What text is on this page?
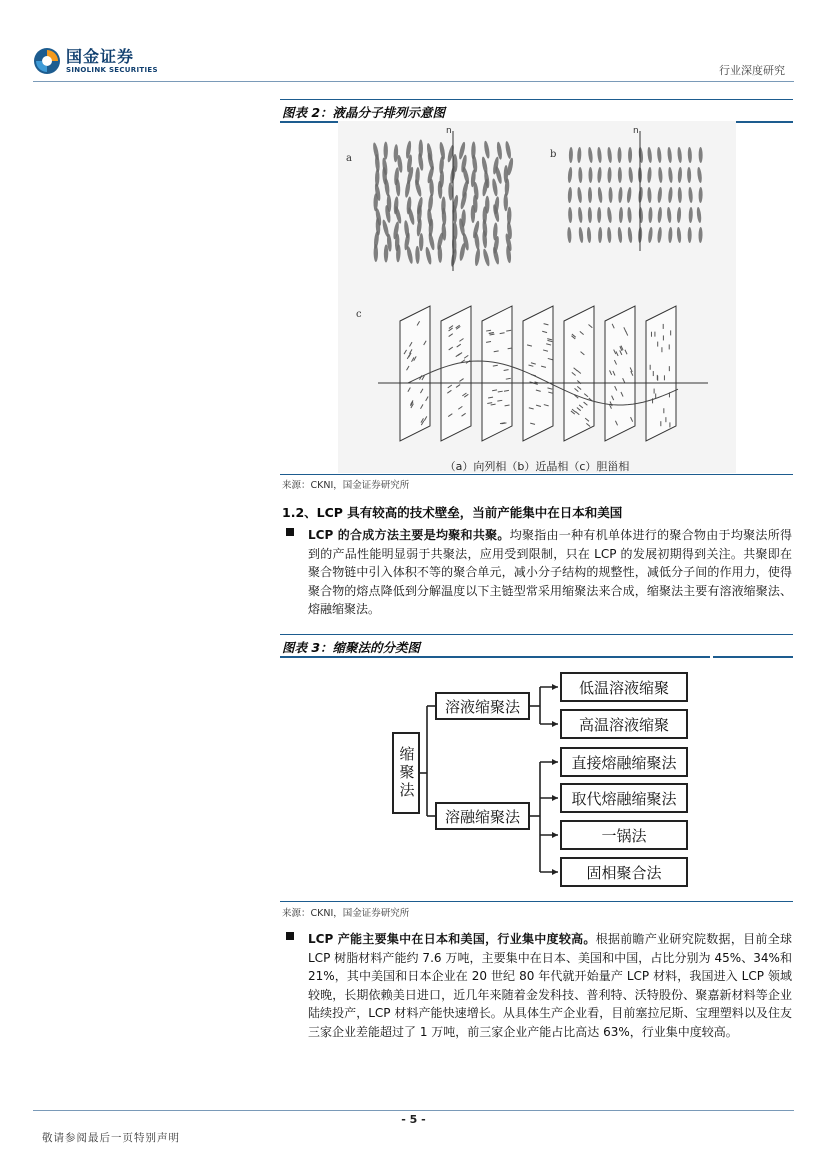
国金证券
SINOLINK SECURITIES	行业深度研究
图表 2：液晶分子排列示意图
a	b
c
n	n
（a）向列相（b）近晶相（c）胆甾相
来源：CKNI，国金证券研究所
1.2、LCP 具有较高的技术壁垒，当前产能集中在日本和美国
LCP 的合成方法主要是均聚和共聚。均聚指由一种有机单体进行的聚合物由于均聚法所得到的产品性能明显弱于共聚法，应用受到限制，只在 LCP 的发展初期得到关注。共聚即在聚合物链中引入体积不等的聚合单元，减小分子结构的规整性，减低分子间的作用力，使得聚合物的熔点降低到分解温度以下主链型常采用缩聚法来合成，缩聚法主要有溶液缩聚法、熔融缩聚法。
图表 3：缩聚法的分类图
缩聚法
溶液缩聚法
溶融缩聚法
低温溶液缩聚
高温溶液缩聚
直接熔融缩聚法
取代熔融缩聚法
一锅法
固相聚合法
来源：CKNI，国金证券研究所
LCP 产能主要集中在日本和美国，行业集中度较高。根据前瞻产业研究院数据，目前全球 LCP 树脂材料产能约 7.6 万吨，主要集中在日本、美国和中国，占比分别为 45%、34%和 21%，其中美国和日本企业在 20 世纪 80 年代就开始量产 LCP 材料，我国进入 LCP 领域较晚，长期依赖美日进口，近几年来随着金发科技、普利特、沃特股份、聚嘉新材料等企业陆续投产，LCP 材料产能快速增长。从具体生产企业看，目前塞拉尼斯、宝理塑料以及住友三家企业差能超过了 1 万吨，前三家企业产能占比高达 63%，行业集中度较高。
- 5 -
敬请参阅最后一页特别声明
